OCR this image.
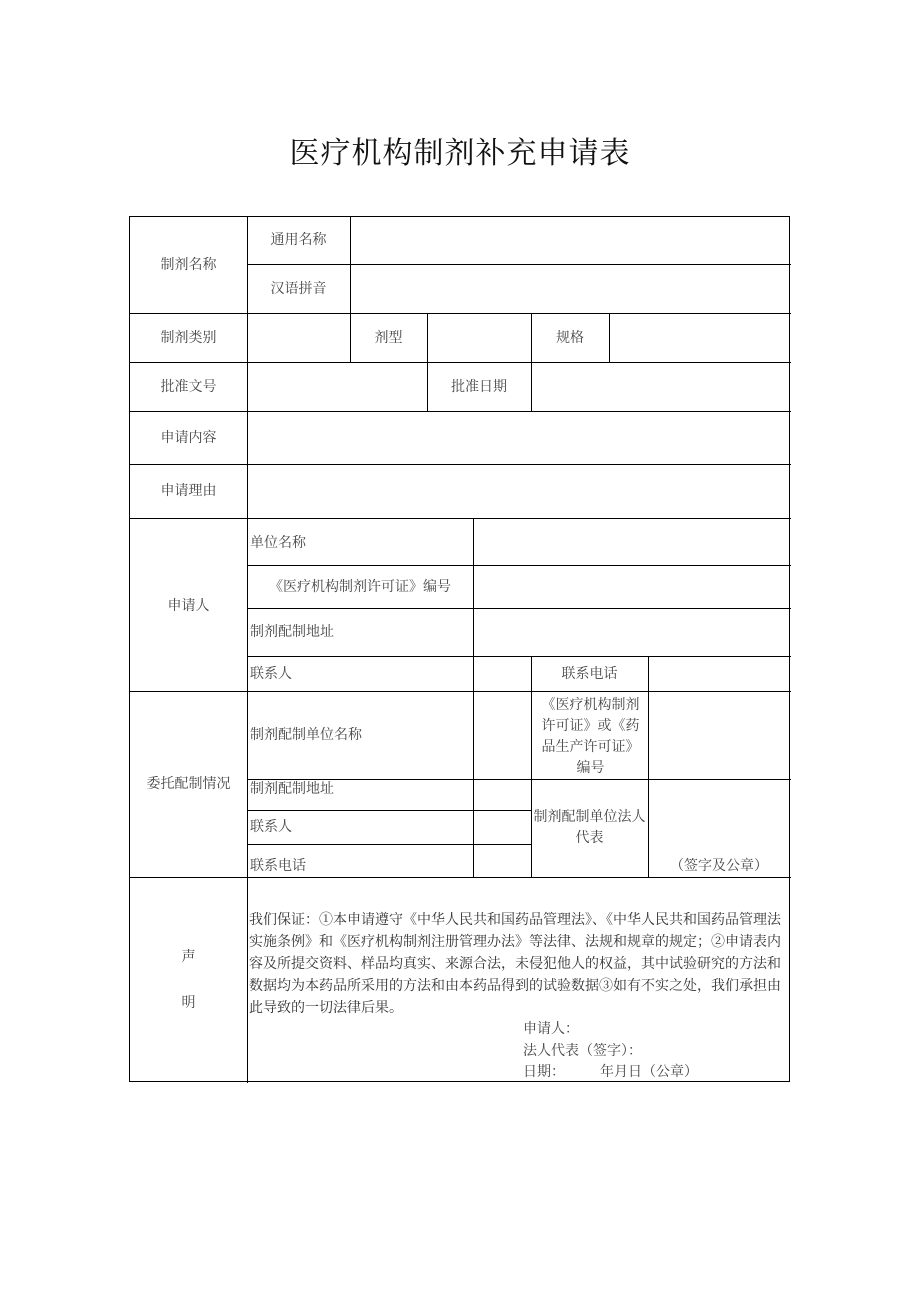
医疗机构制剂补充申请表
制剂名称
通用名称
汉语拼音
制剂类别	剂型	规格
批准文号	批准日期
申请内容
申请理由
申请人
单位名称
《医疗机构制剂许可证》编号
制剂配制地址
联系人	联系电话
委托配制情况
制剂配制单位名称
《医疗机构制剂许可证》或《药品生产许可证》编号
制剂配制地址
联系人
联系电话
制剂配制单位法人代表
（签字及公章）
声
明
我们保证：①本申请遵守《中华人民共和国药品管理法》、《中华人民共和国药品管理法实施条例》和《医疗机构制剂注册管理办法》等法律、法规和规章的规定；②申请表内容及所提交资料、样品均真实、来源合法，未侵犯他人的权益，其中试验研究的方法和数据均为本药品所采用的方法和由本药品得到的试验数据③如有不实之处，我们承担由此导致的一切法律后果。
申请人：
法人代表（签字）：
日期：　　　年月日（公章）
